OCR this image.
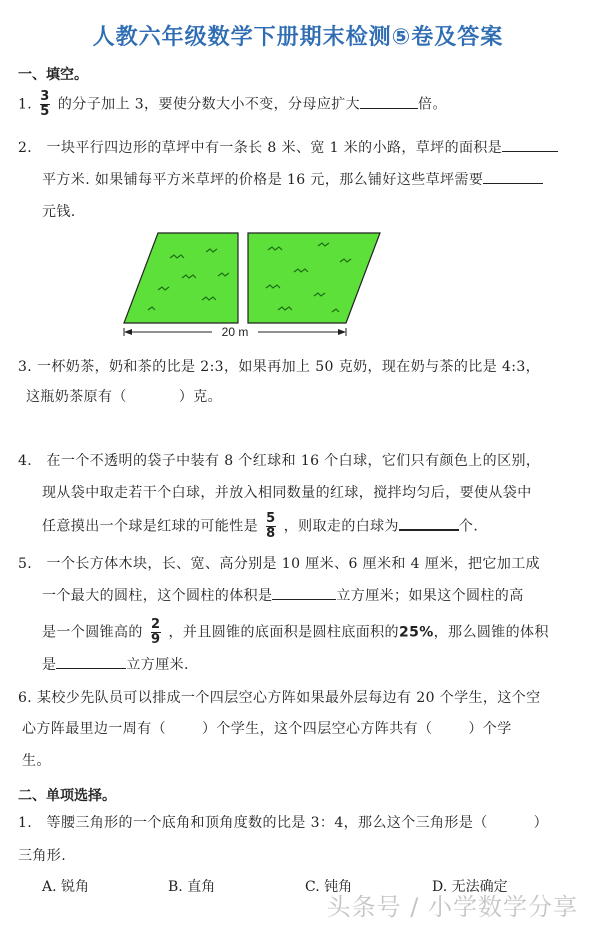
人教六年级数学下册期末检测⑤卷及答案
一、填空。
1. $\frac{3}{5}$ 的分子加上 3，要使分数大小不变，分母应扩大	倍。
2.　一块平行四边形的草坪中有一条长 8 米、宽 1 米的小路，草坪的面积是
平方米. 如果铺每平方米草坪的价格是 16 元，那么铺好这些草坪需要
元钱.
20 m
3. 一杯奶茶，奶和茶的比是 2:3，如果再加上 50 克奶，现在奶与茶的比是 4:3，
这瓶奶茶原有（	）克。
4.　在一个不透明的袋子中装有 8 个红球和 16 个白球，它们只有颜色上的区别，
现从袋中取走若干个白球，并放入相同数量的红球，搅拌均匀后，要使从袋中
任意摸出一个球是红球的可能性是 $\frac{5}{8}$ ，则取走的白球为	个.
5.　一个长方体木块，长、宽、高分别是 10 厘米、6 厘米和 4 厘米，把它加工成
一个最大的圆柱，这个圆柱的体积是	立方厘米；如果这个圆柱的高
是一个圆锥高的 $\frac{2}{9}$ ，并且圆锥的底面积是圆柱底面积的25%，那么圆锥的体积
是	立方厘米.
6. 某校少先队员可以排成一个四层空心方阵如果最外层每边有 20 个学生，这个空
心方阵最里边一周有（	）个学生，这个四层空心方阵共有（	）个学
生。
二、单项选择。
1.　等腰三角形的一个底角和顶角度数的比是 3：4，那么这个三角形是（	）
三角形.
A. 锐角	B. 直角	C. 钝角	D. 无法确定
头条号 / 小学数学分享
